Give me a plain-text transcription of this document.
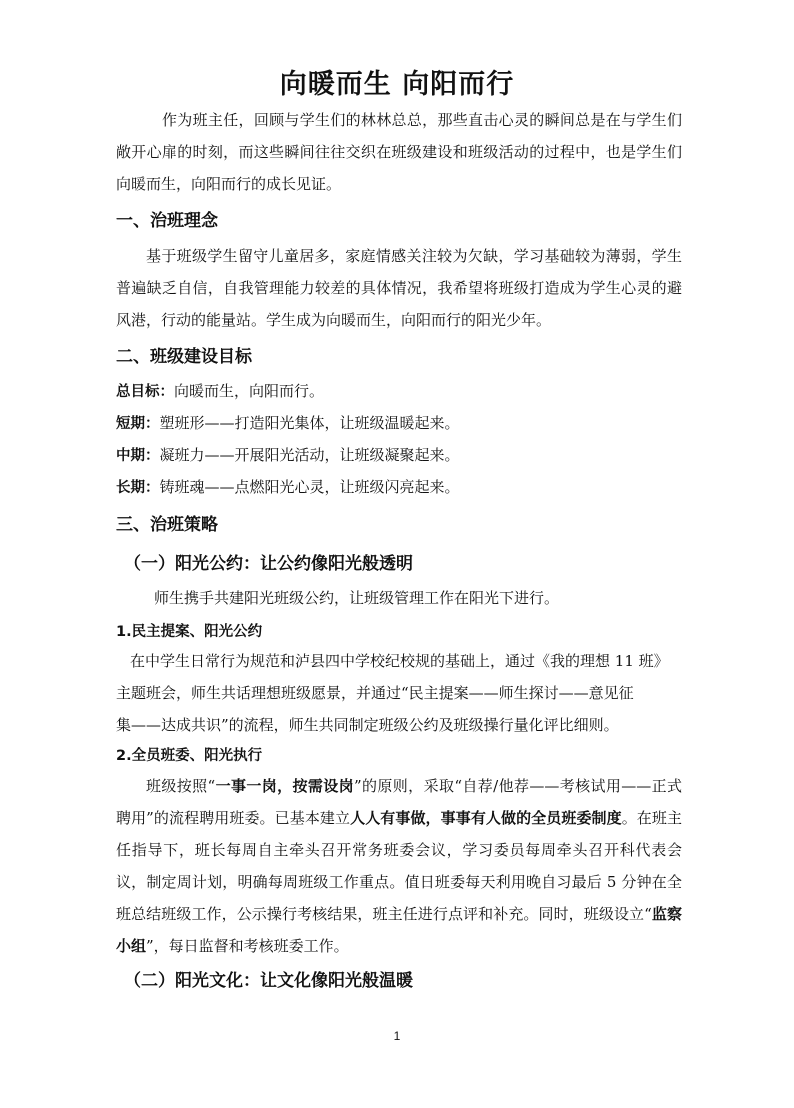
向暖而生 向阳而行
作为班主任，回顾与学生们的林林总总，那些直击心灵的瞬间总是在与学生们敞开心扉的时刻，而这些瞬间往往交织在班级建设和班级活动的过程中，也是学生们向暖而生，向阳而行的成长见证。
一、治班理念
基于班级学生留守儿童居多，家庭情感关注较为欠缺，学习基础较为薄弱，学生普遍缺乏自信，自我管理能力较差的具体情况，我希望将班级打造成为学生心灵的避风港，行动的能量站。学生成为向暖而生，向阳而行的阳光少年。
二、班级建设目标
总目标：向暖而生，向阳而行。
短期：塑班形——打造阳光集体，让班级温暖起来。
中期：凝班力——开展阳光活动，让班级凝聚起来。
长期：铸班魂——点燃阳光心灵，让班级闪亮起来。
三、治班策略
（一）阳光公约：让公约像阳光般透明
师生携手共建阳光班级公约，让班级管理工作在阳光下进行。
1.民主提案、阳光公约
在中学生日常行为规范和泸县四中学校纪校规的基础上，通过《我的理想 11 班》
主题班会，师生共话理想班级愿景，并通过“民主提案——师生探讨——意见征
集——达成共识”的流程，师生共同制定班级公约及班级操行量化评比细则。
2.全员班委、阳光执行
班级按照“一事一岗，按需设岗”的原则，采取“自荐/他荐——考核试用——正式聘用”的流程聘用班委。已基本建立人人有事做，事事有人做的全员班委制度。在班主任指导下，班长每周自主牵头召开常务班委会议，学习委员每周牵头召开科代表会议，制定周计划，明确每周班级工作重点。值日班委每天利用晚自习最后 5 分钟在全班总结班级工作，公示操行考核结果，班主任进行点评和补充。同时，班级设立“监察小组”，每日监督和考核班委工作。
（二）阳光文化：让文化像阳光般温暖
1
